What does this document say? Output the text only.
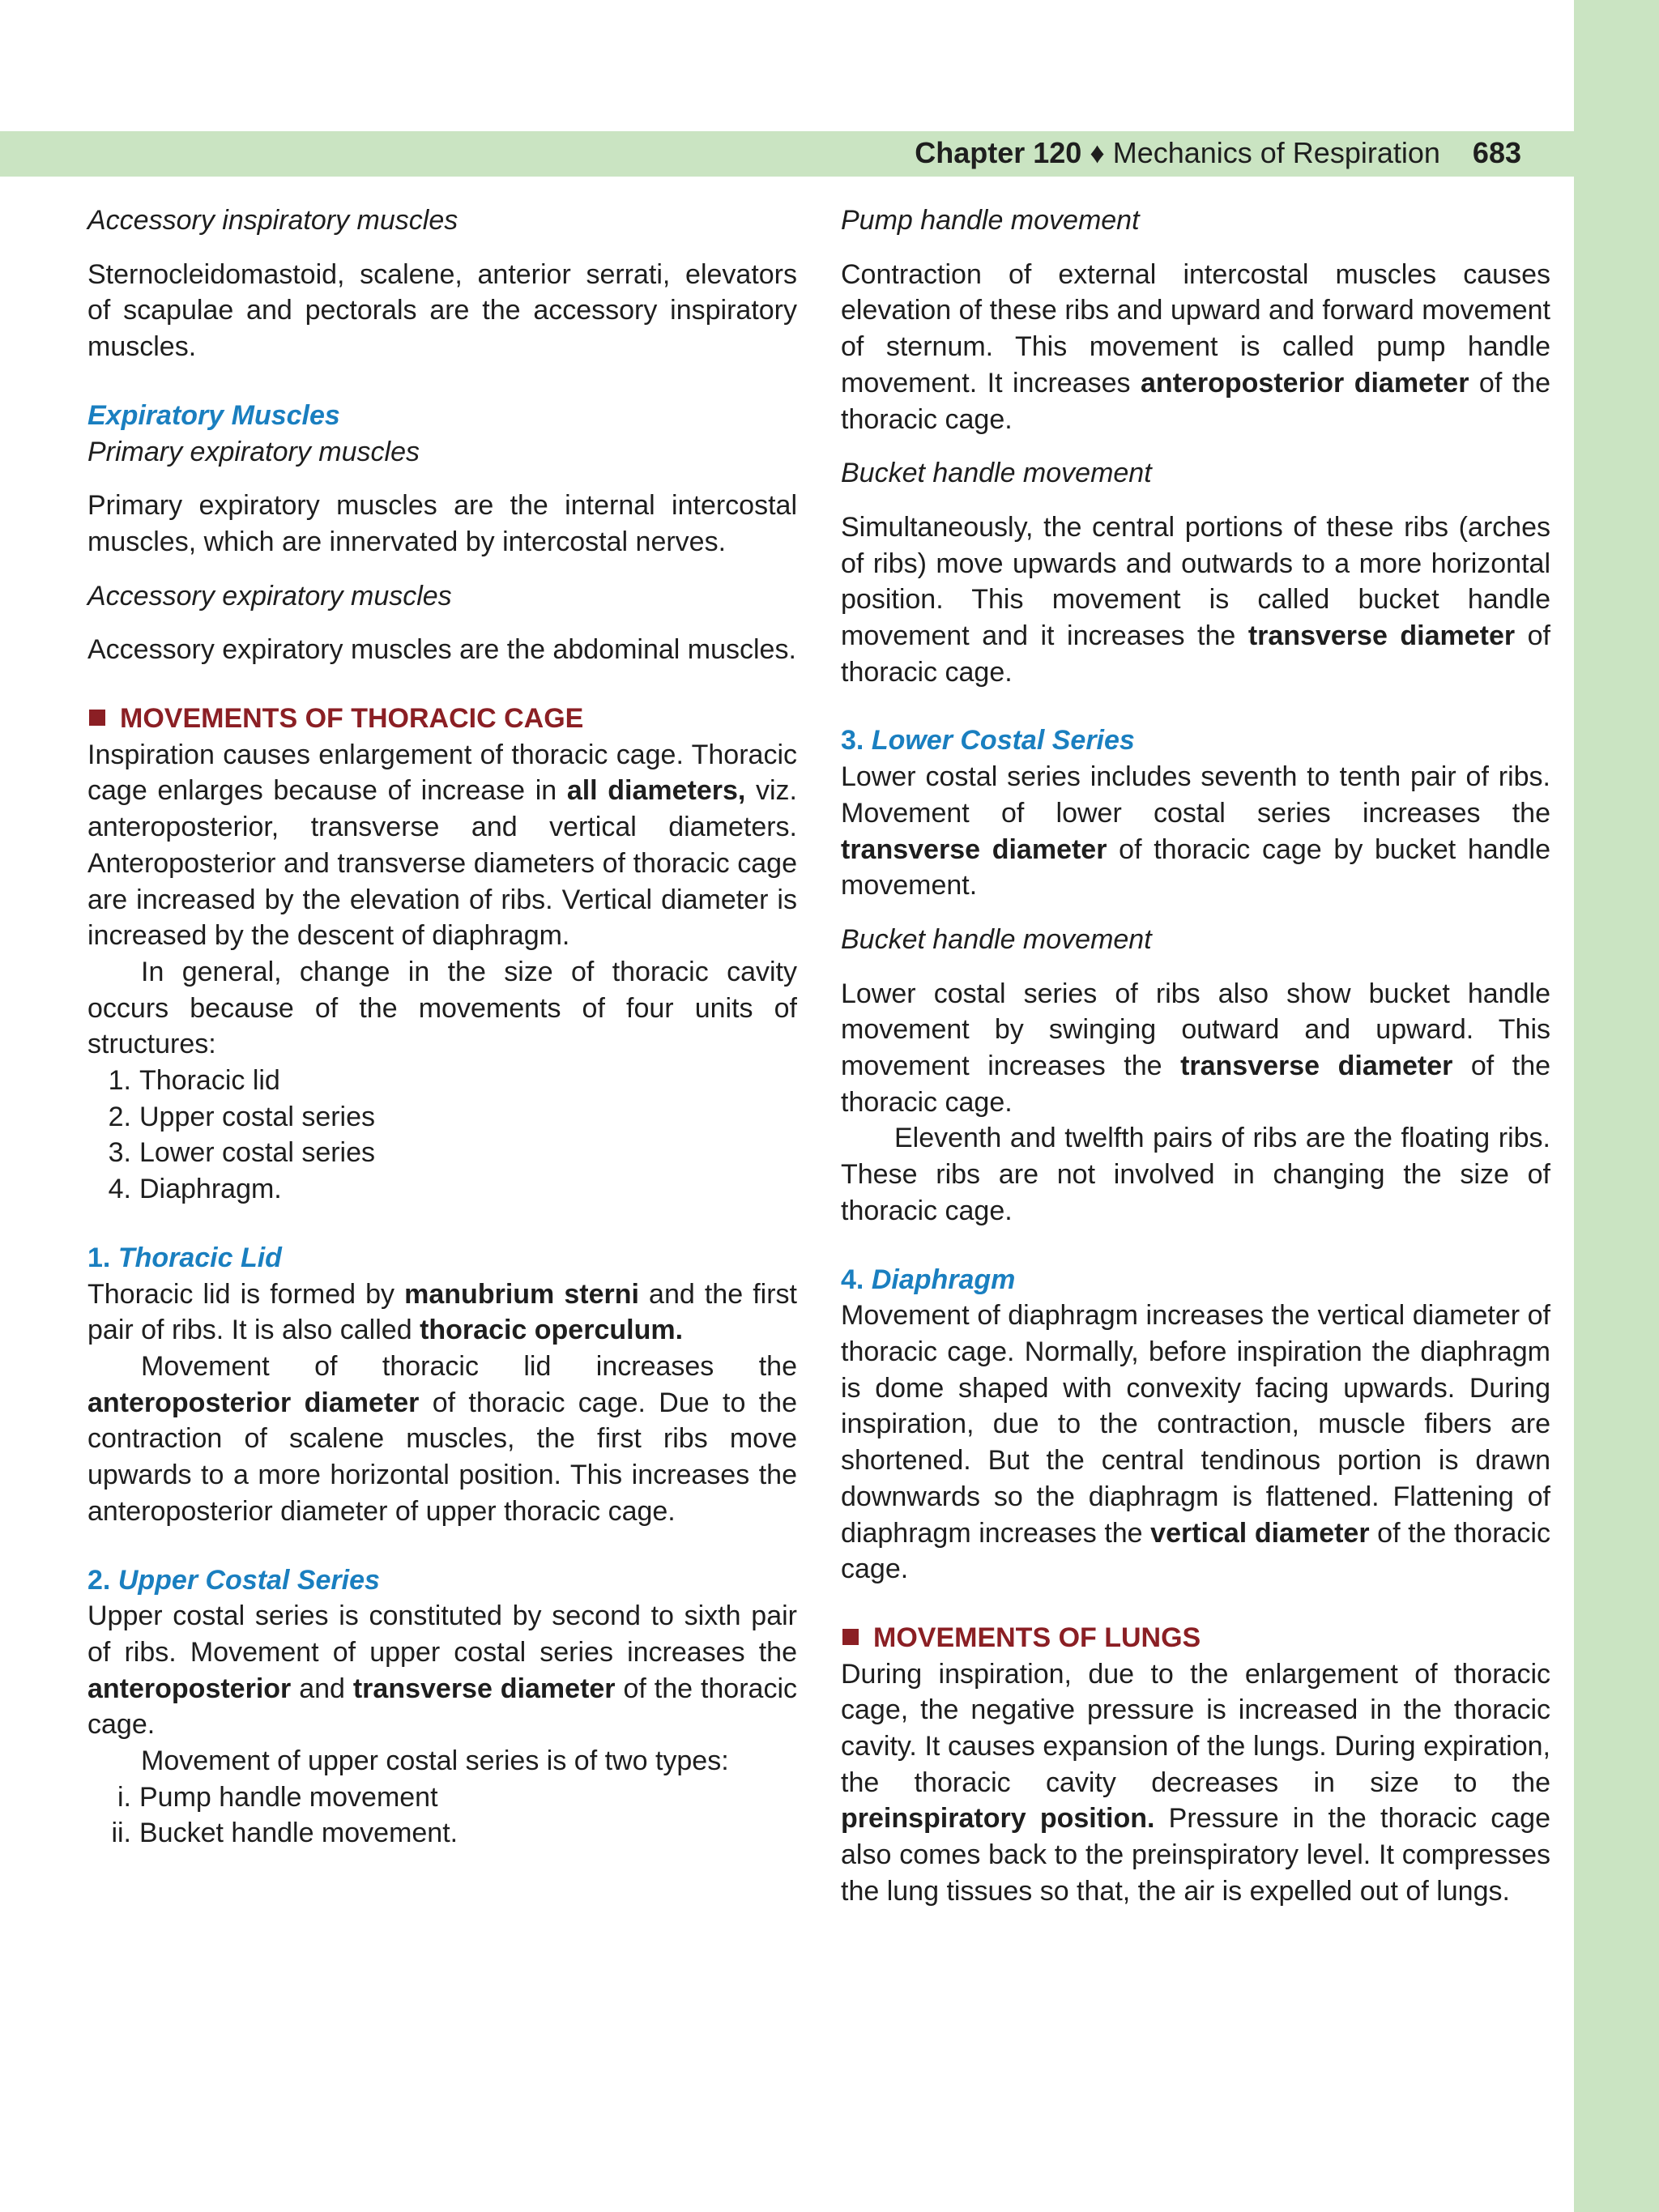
Chapter 120 ♦ Mechanics of Respiration 683

Accessory inspiratory muscles

Sternocleidomastoid, scalene, anterior serrati, elevators of scapulae and pectorals are the accessory inspiratory muscles.

Expiratory Muscles

Primary expiratory muscles

Primary expiratory muscles are the internal intercostal muscles, which are innervated by intercostal nerves.

Accessory expiratory muscles

Accessory expiratory muscles are the abdominal muscles.

MOVEMENTS OF THORACIC CAGE

Inspiration causes enlargement of thoracic cage. Thoracic cage enlarges because of increase in all diameters, viz. anteroposterior, transverse and vertical diameters. Anteroposterior and transverse diameters of thoracic cage are increased by the elevation of ribs. Vertical diameter is increased by the descent of diaphragm.

In general, change in the size of thoracic cavity occurs because of the movements of four units of structures:

1. Thoracic lid
2. Upper costal series
3. Lower costal series
4. Diaphragm.

1. Thoracic Lid

Thoracic lid is formed by manubrium sterni and the first pair of ribs. It is also called thoracic operculum.

Movement of thoracic lid increases the anteroposterior diameter of thoracic cage. Due to the contraction of scalene muscles, the first ribs move upwards to a more horizontal position. This increases the anteroposterior diameter of upper thoracic cage.

2. Upper Costal Series

Upper costal series is constituted by second to sixth pair of ribs. Movement of upper costal series increases the anteroposterior and transverse diameter of the thoracic cage.

Movement of upper costal series is of two types:

i. Pump handle movement
ii. Bucket handle movement.

Pump handle movement

Contraction of external intercostal muscles causes elevation of these ribs and upward and forward movement of sternum. This movement is called pump handle movement. It increases anteroposterior diameter of the thoracic cage.

Bucket handle movement

Simultaneously, the central portions of these ribs (arches of ribs) move upwards and outwards to a more horizontal position. This movement is called bucket handle movement and it increases the transverse diameter of thoracic cage.

3. Lower Costal Series

Lower costal series includes seventh to tenth pair of ribs. Movement of lower costal series increases the transverse diameter of thoracic cage by bucket handle movement.

Bucket handle movement

Lower costal series of ribs also show bucket handle movement by swinging outward and upward. This movement increases the transverse diameter of the thoracic cage.

Eleventh and twelfth pairs of ribs are the floating ribs. These ribs are not involved in changing the size of thoracic cage.

4. Diaphragm

Movement of diaphragm increases the vertical diameter of thoracic cage. Normally, before inspiration the diaphragm is dome shaped with convexity facing upwards. During inspiration, due to the contraction, muscle fibers are shortened. But the central tendinous portion is drawn downwards so the diaphragm is flattened. Flattening of diaphragm increases the vertical diameter of the thoracic cage.

MOVEMENTS OF LUNGS

During inspiration, due to the enlargement of thoracic cage, the negative pressure is increased in the thoracic cavity. It causes expansion of the lungs. During expiration, the thoracic cavity decreases in size to the preinspiratory position. Pressure in the thoracic cage also comes back to the preinspiratory level. It compresses the lung tissues so that, the air is expelled out of lungs.
